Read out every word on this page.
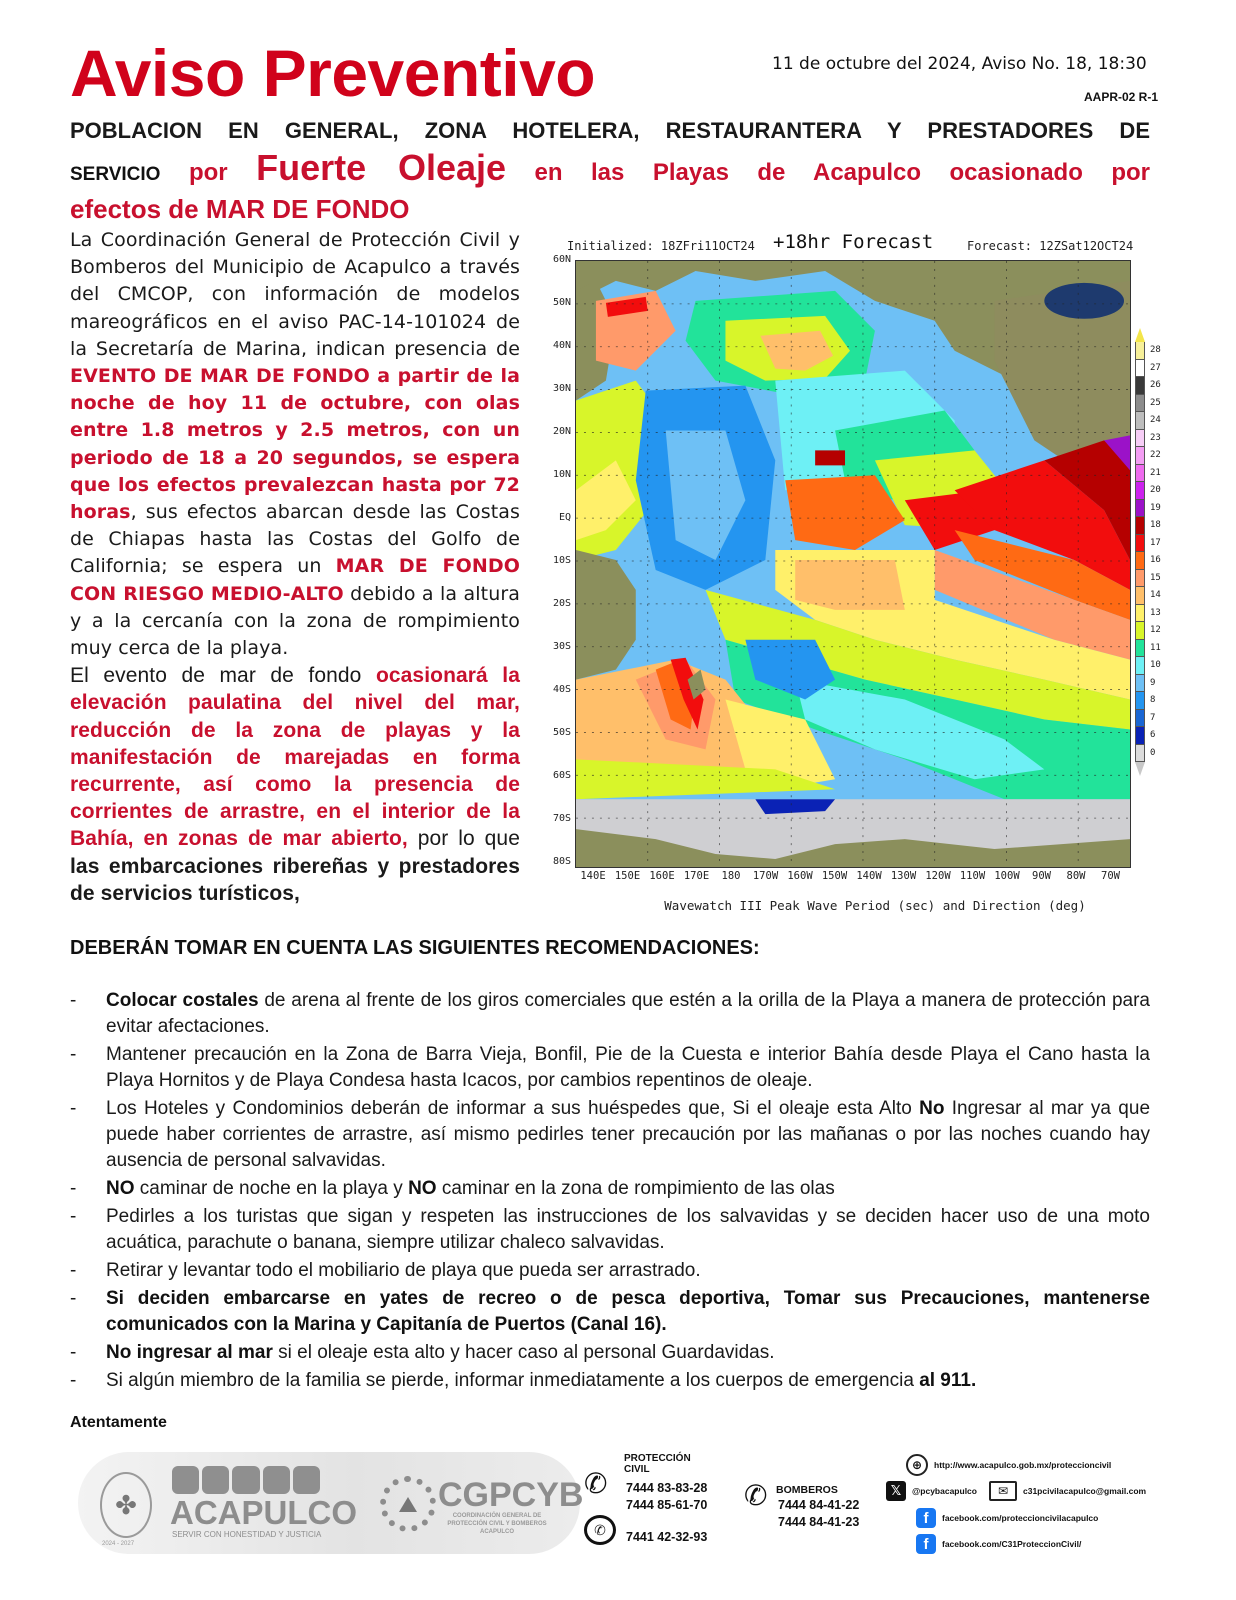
Aviso Preventivo	11 de octubre del 2024, Aviso No. 18, 18:30
AAPR-02 R-1
POBLACION EN GENERAL, ZONA HOTELERA, RESTAURANTERA Y PRESTADORES DE
SERVICIO por Fuerte Oleaje en las Playas de Acapulco ocasionado por
efectos de MAR DE FONDO

La Coordinación General de Protección Civil y Bomberos del Municipio de Acapulco a través del CMCOP, con información de modelos mareográficos en el aviso PAC-14-101024 de la Secretaría de Marina, indican presencia de EVENTO DE MAR DE FONDO a partir de la noche de hoy 11 de octubre, con olas entre 1.8 metros y 2.5 metros, con un periodo de 18 a 20 segundos, se espera que los efectos prevalezcan hasta por 72 horas, sus efectos abarcan desde las Costas de Chiapas hasta las Costas del Golfo de California; se espera un MAR DE FONDO CON RIESGO MEDIO-ALTO debido a la altura y a la cercanía con la zona de rompimiento muy cerca de la playa.

El evento de mar de fondo ocasionará la elevación paulatina del nivel del mar, reducción de la zona de playas y la manifestación de marejadas en forma recurrente, así como la presencia de corrientes de arrastre, en el interior de la Bahía, en zonas de mar abierto, por lo que las embarcaciones ribereñas y prestadores de servicios turísticos,

DEBERÁN TOMAR EN CUENTA LAS SIGUIENTES RECOMENDACIONES:
Initialized: 18ZFri11OCT24 +18hr Forecast	Forecast: 12ZSat12OCT24
60N
50N
40N
30N
20N
10N
EQ
10S
20S
30S
40S
50S
60S
70S
80S
140E 150E 160E 170E 180 170W 160W 150W 140W 130W 120W 110W 100W 90W 80W 70W
Wavewatch III Peak Wave Period (sec) and Direction (deg)
28
27
26
25
24
23
22
21
20
19
18
17
16
15
14
13
12
11
10
9
8
7
6
0
- Colocar costales de arena al frente de los giros comerciales que estén a la orilla de la Playa a manera de protección para evitar afectaciones.
- Mantener precaución en la Zona de Barra Vieja, Bonfil, Pie de la Cuesta e interior Bahía desde Playa el Cano hasta la Playa Hornitos y de Playa Condesa hasta Icacos, por cambios repentinos de oleaje.
- Los Hoteles y Condominios deberán de informar a sus huéspedes que, Si el oleaje esta Alto No Ingresar al mar ya que puede haber corrientes de arrastre, así mismo pedirles tener precaución por las mañanas o por las noches cuando hay ausencia de personal salvavidas.
- NO caminar de noche en la playa y NO caminar en la zona de rompimiento de las olas
- Pedirles a los turistas que sigan y respeten las instrucciones de los salvavidas y se deciden hacer uso de una moto acuática, parachute o banana, siempre utilizar chaleco salvavidas.
- Retirar y levantar todo el mobiliario de playa que pueda ser arrastrado.
- Si deciden embarcarse en yates de recreo o de pesca deportiva, Tomar sus Precauciones, mantenerse comunicados con la Marina y Capitanía de Puertos (Canal 16).
- No ingresar al mar si el oleaje esta alto y hacer caso al personal Guardavidas.
- Si algún miembro de la familia se pierde, informar inmediatamente a los cuerpos de emergencia al 911.
Atentamente
✤
2024 - 2027
ACAPULCO
SERVIR CON HONESTIDAD Y JUSTICIA
CGPCYB
COORDINACIÓN GENERAL DE PROTECCIÓN CIVIL Y BOMBEROS ACAPULCO
✆
PROTECCIÓN CIVIL
7444 83-83-28
7444 85-61-70
✆	7441 42-32-93
✆ BOMBEROS
7444 84-41-22
7444 84-41-23
⊕	http://www.acapulco.gob.mx/proteccioncivil
𝕏	@pcybacapulco	✉	c31pcivilacapulco@gmail.com
f	facebook.com/proteccioncivilacapulco
f	facebook.com/C31ProteccionCivil/
